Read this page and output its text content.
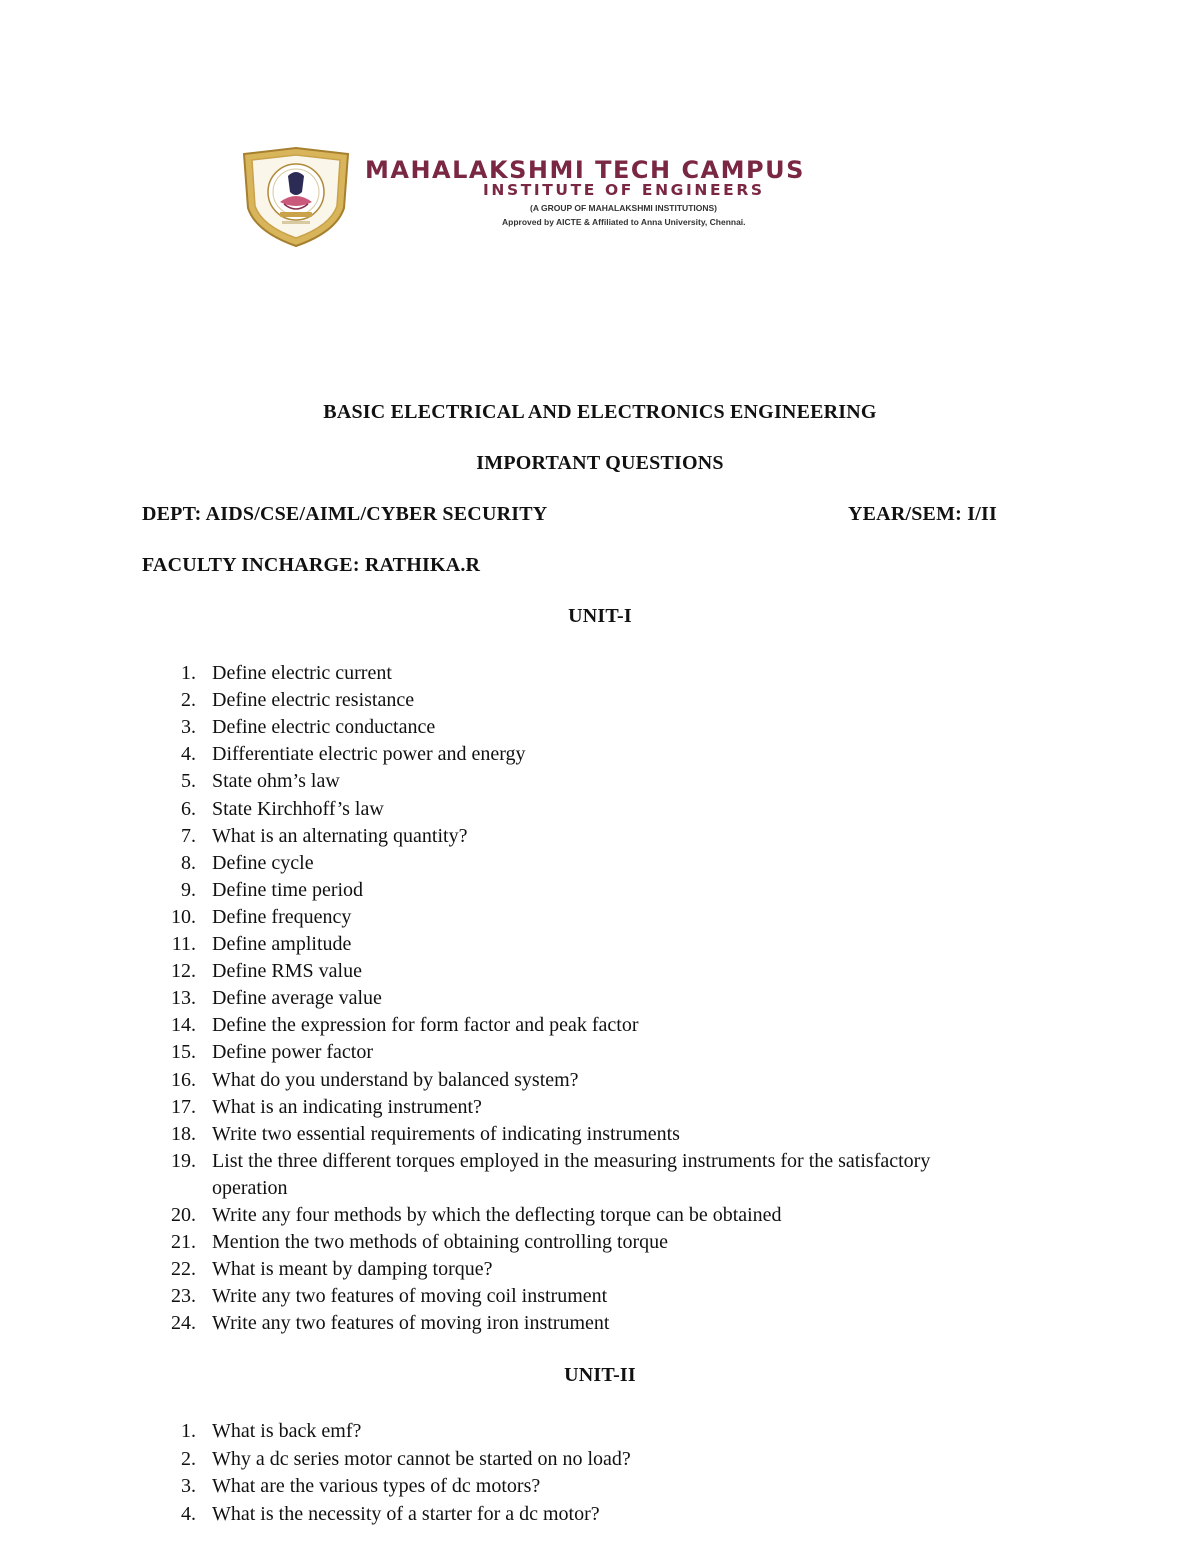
MAHALAKSHMI TECH CAMPUS
INSTITUTE OF ENGINEERS
(A GROUP OF MAHALAKSHMI INSTITUTIONS)
Approved by AICTE & Affiliated to Anna University, Chennai.
BASIC ELECTRICAL AND ELECTRONICS ENGINEERING
IMPORTANT QUESTIONS
DEPT: AIDS/CSE/AIML/CYBER SECURITY	YEAR/SEM: I/II
FACULTY INCHARGE: RATHIKA.R
UNIT-I
1. Define electric current
2. Define electric resistance
3. Define electric conductance
4. Differentiate electric power and energy
5. State ohm’s law
6. State Kirchhoff’s law
7. What is an alternating quantity?
8. Define cycle
9. Define time period
10. Define frequency
11. Define amplitude
12. Define RMS value
13. Define average value
14. Define the expression for form factor and peak factor
15. Define power factor
16. What do you understand by balanced system?
17. What is an indicating instrument?
18. Write two essential requirements of indicating instruments
19. List the three different torques employed in the measuring instruments for the satisfactory
operation
20. Write any four methods by which the deflecting torque can be obtained
21. Mention the two methods of obtaining controlling torque
22. What is meant by damping torque?
23. Write any two features of moving coil instrument
24. Write any two features of moving iron instrument
UNIT-II
1. What is back emf?
2. Why a dc series motor cannot be started on no load?
3. What are the various types of dc motors?
4. What is the necessity of a starter for a dc motor?
